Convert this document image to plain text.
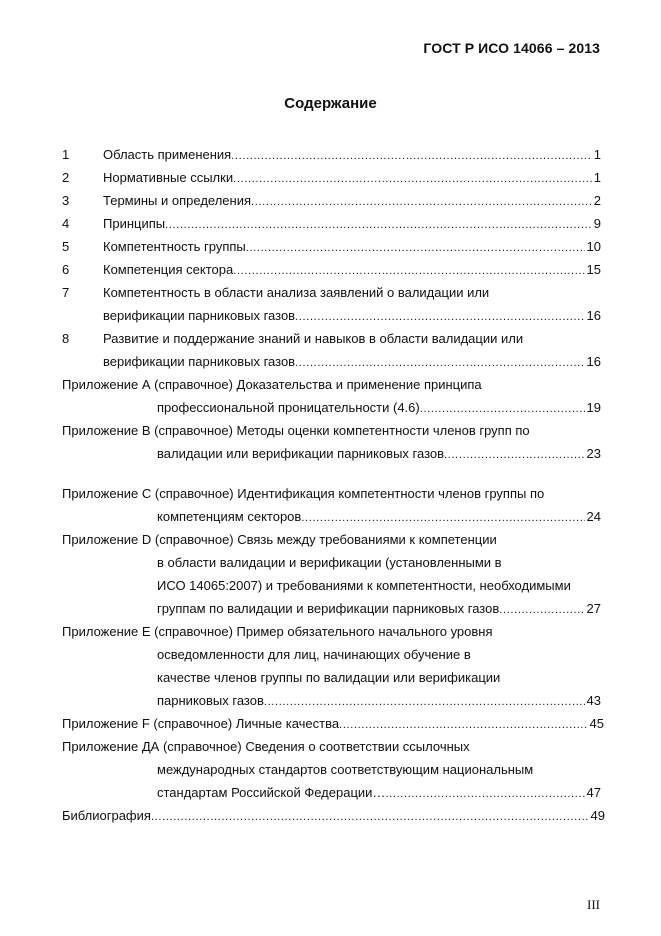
ГОСТ Р ИСО 14066 – 2013
Содержание
1	Область применения . . .	1
2	Нормативные ссылки . . .	1
3	Термины и определения . . .	2
4	Принципы . . .	9
5	Компетентность группы . . .	10
6	Компетенция сектора . . .	15
7	Компетентность в области анализа заявлений о валидации или
верификации парниковых газов . . .	16
8	Развитие и поддержание знаний и навыков в области валидации или
верификации парниковых газов . . .	16
Приложение А (справочное) Доказательства и применение принципа
профессиональной проницательности (4.6) . . .	19
Приложение В (справочное) Методы оценки компетентности членов групп по
валидации или верификации парниковых газов . . .	23
Приложение С (справочное) Идентификация компетентности членов группы по
компетенциям секторов . . .	24
Приложение D (справочное) Связь между требованиями к компетенции
в области валидации и верификации (установленными в
ИСО 14065:2007) и требованиями к компетентности, необходимыми
группам по валидации и верификации парниковых газов . . .	27
Приложение Е (справочное) Пример обязательного начального уровня
осведомленности для лиц, начинающих обучение в
качестве членов группы по валидации или верификации
парниковых газов . . .	43
Приложение F (справочное) Личные качества . . .	45
Приложение ДА (справочное) Сведения о соответствии ссылочных
международных стандартов соответствующим национальным
стандартам Российской Федерации… . . .	47
Библиография . . .	49
III
